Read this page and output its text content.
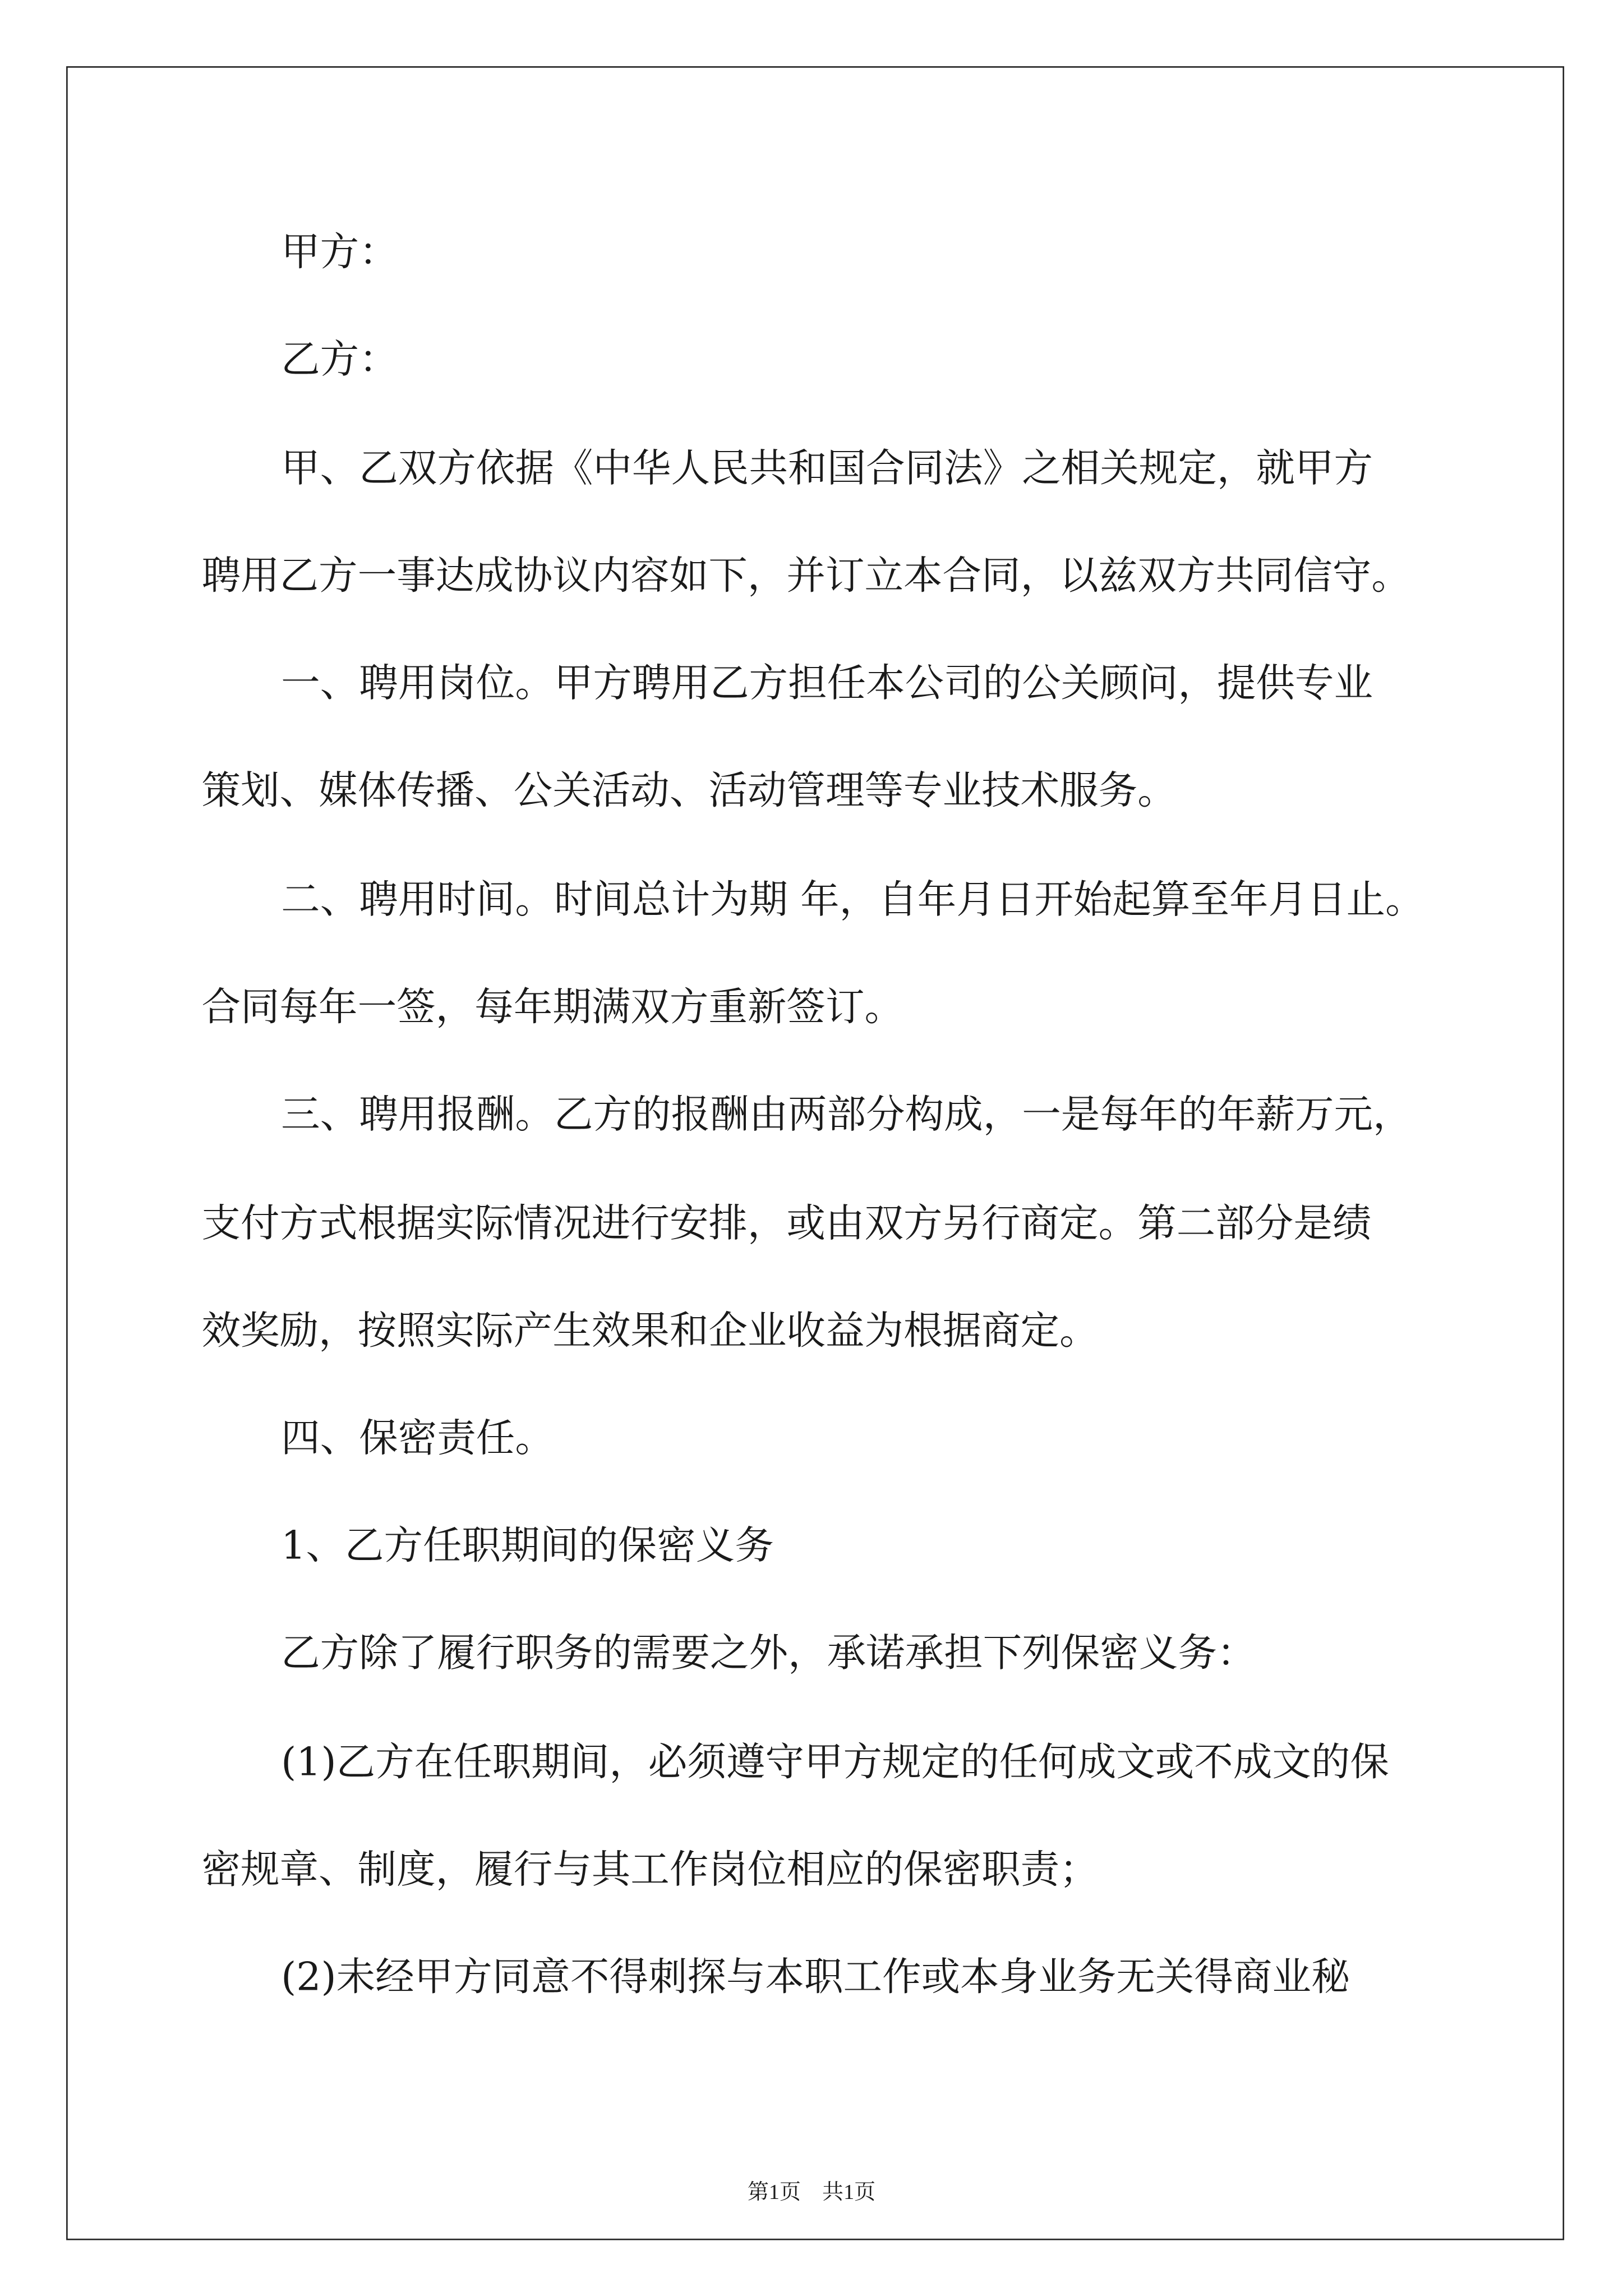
甲方：
乙方：
甲、乙双方依据《中华人民共和国合同法》之相关规定，就甲方
聘用乙方一事达成协议内容如下，并订立本合同，以兹双方共同信守。
一、聘用岗位。甲方聘用乙方担任本公司的公关顾问，提供专业
策划、媒体传播、公关活动、活动管理等专业技术服务。
二、聘用时间。时间总计为期 年，自年月日开始起算至年月日止。
合同每年一签，每年期满双方重新签订。
三、聘用报酬。乙方的报酬由两部分构成，一是每年的年薪万元，
支付方式根据实际情况进行安排，或由双方另行商定。第二部分是绩
效奖励，按照实际产生效果和企业收益为根据商定。
四、保密责任。
1、乙方任职期间的保密义务
乙方除了履行职务的需要之外，承诺承担下列保密义务：
(1)乙方在任职期间，必须遵守甲方规定的任何成文或不成文的保
密规章、制度，履行与其工作岗位相应的保密职责；
(2)未经甲方同意不得刺探与本职工作或本身业务无关得商业秘
第1页　共1页
